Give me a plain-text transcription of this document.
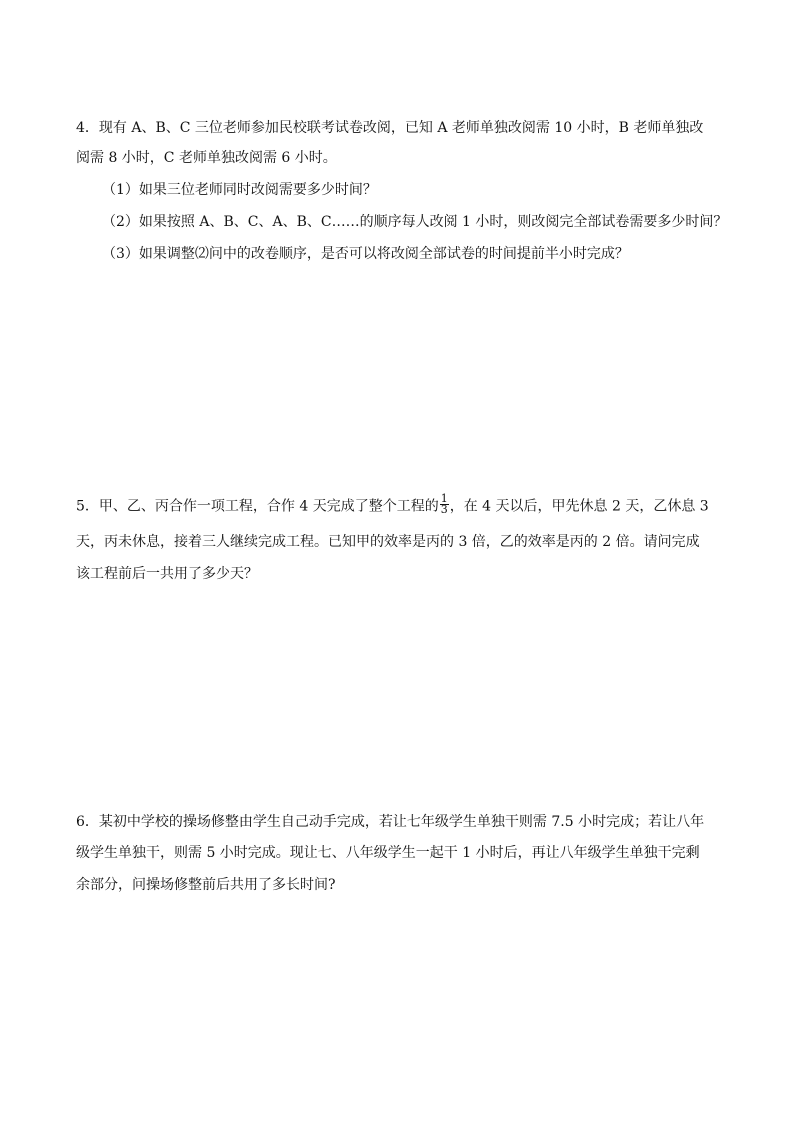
4．现有 A、B、C 三位老师参加民校联考试卷改阅，已知 A 老师单独改阅需 10 小时，B 老师单独改
阅需 8 小时，C 老师单独改阅需 6 小时。
（1）如果三位老师同时改阅需要多少时间？
（2）如果按照 A、B、C、A、B、C……的顺序每人改阅 1 小时，则改阅完全部试卷需要多少时间？
（3）如果调整⑵问中的改卷顺序，是否可以将改阅全部试卷的时间提前半小时完成？
5．甲、乙、丙合作一项工程，合作 4 天完成了整个工程的 $\frac{1}{3}$ ，在 4 天以后，甲先休息 2 天，乙休息 3
天，丙未休息，接着三人继续完成工程。已知甲的效率是丙的 3 倍，乙的效率是丙的 2 倍。请问完成
该工程前后一共用了多少天？
6．某初中学校的操场修整由学生自己动手完成，若让七年级学生单独干则需 7.5 小时完成；若让八年
级学生单独干，则需 5 小时完成。现让七、八年级学生一起干 1 小时后，再让八年级学生单独干完剩
余部分，问操场修整前后共用了多长时间?
